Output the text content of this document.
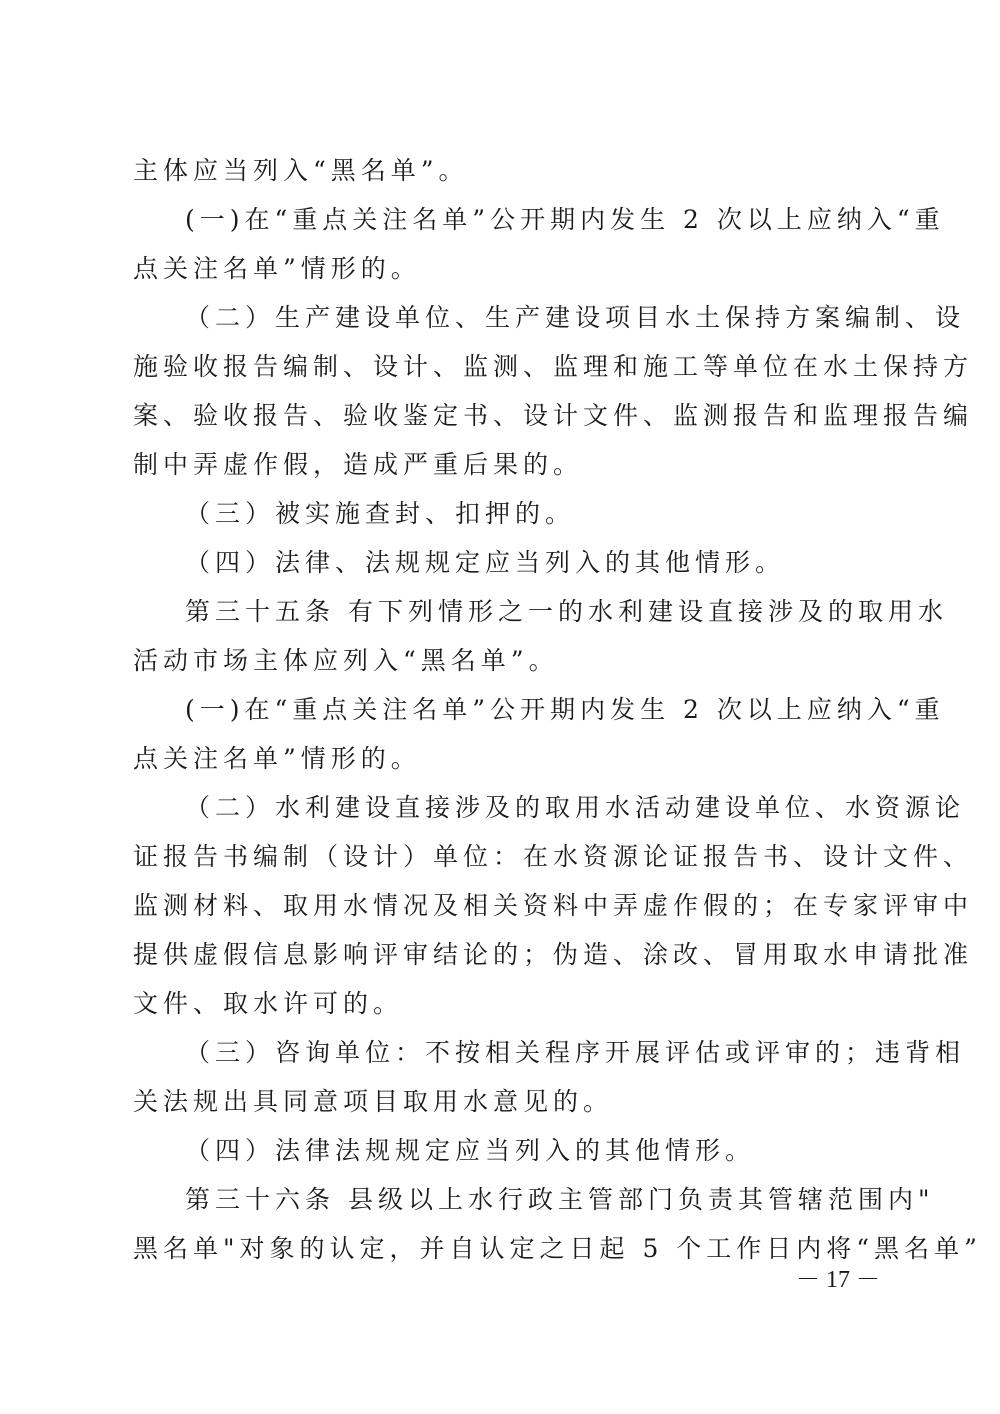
主体应当列入“黑名单”。
(一)在“重点关注名单”公开期内发生 2 次以上应纳入“重
点关注名单”情形的。
（二）生产建设单位、生产建设项目水土保持方案编制、设
施验收报告编制、设计、监测、监理和施工等单位在水土保持方
案、验收报告、验收鉴定书、设计文件、监测报告和监理报告编
制中弄虚作假，造成严重后果的。
（三）被实施查封、扣押的。
（四）法律、法规规定应当列入的其他情形。
第三十五条 有下列情形之一的水利建设直接涉及的取用水
活动市场主体应列入“黑名单”。
(一)在“重点关注名单”公开期内发生 2 次以上应纳入“重
点关注名单”情形的。
（二）水利建设直接涉及的取用水活动建设单位、水资源论
证报告书编制（设计）单位：在水资源论证报告书、设计文件、
监测材料、取用水情况及相关资料中弄虚作假的；在专家评审中
提供虚假信息影响评审结论的；伪造、涂改、冒用取水申请批准
文件、取水许可的。
（三）咨询单位：不按相关程序开展评估或评审的；违背相
关法规出具同意项目取用水意见的。
（四）法律法规规定应当列入的其他情形。
第三十六条 县级以上水行政主管部门负责其管辖范围内"
黑名单"对象的认定，并自认定之日起 5 个工作日内将“黑名单”
－ 17 －
